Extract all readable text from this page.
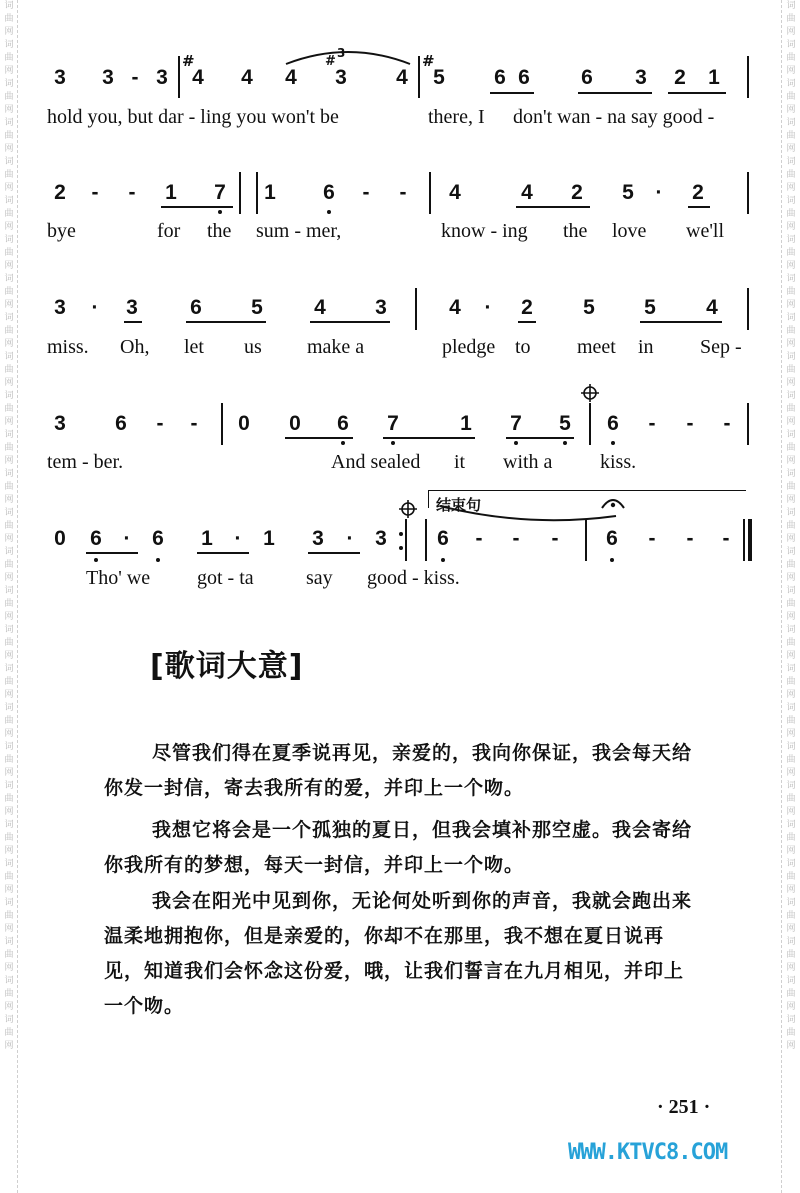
词曲网词曲网词曲网词曲网词曲网词曲网词曲网词曲网词曲网词曲网词曲网词曲网词曲网词曲网词曲网词曲网词曲网词曲网词曲网词曲网词曲网词曲网词曲网词曲网词曲网词曲网词曲网
词曲网词曲网词曲网词曲网词曲网词曲网词曲网词曲网词曲网词曲网词曲网词曲网词曲网词曲网词曲网词曲网词曲网词曲网词曲网词曲网词曲网词曲网词曲网词曲网词曲网词曲网词曲网
3 3 - 3
#
4 4 4
#
3
3 4
#
5 6 6 6 3 2 1
hold you, but dar - ling you won't be	there, I don't wan - na say good -
2 - - 1 7 1 6 - - 4	4 2 5 · 2
bye	for the sum - mer,	know - ing the love we'll
3 · 3 6 5 4 3	4 · 2 5 5 4
miss. Oh, let us make a	pledge to meet in Sep -
3 6 - - 0 0 6 7	1 7 5 6 - - -
tem - ber.	And sealed it with a kiss.
结束句
0 6 · 6 1 · 1 3 · 3 6 - - - 6 - - -
Tho' we got - ta	say good - kiss.
[歌词大意]

尽管我们得在夏季说再见，亲爱的，我向你保证，我会每天给你发一封信，寄去我所有的爱，并印上一个吻。

我想它将会是一个孤独的夏日，但我会填补那空虚。我会寄给你我所有的梦想，每天一封信，并印上一个吻。

我会在阳光中见到你，无论何处听到你的声音，我就会跑出来温柔地拥抱你，但是亲爱的，你却不在那里，我不想在夏日说再见，知道我们会怀念这份爱，哦，让我们誓言在九月相见，并印上一个吻。

· 251 ·
WWW.KTVC8.COM
